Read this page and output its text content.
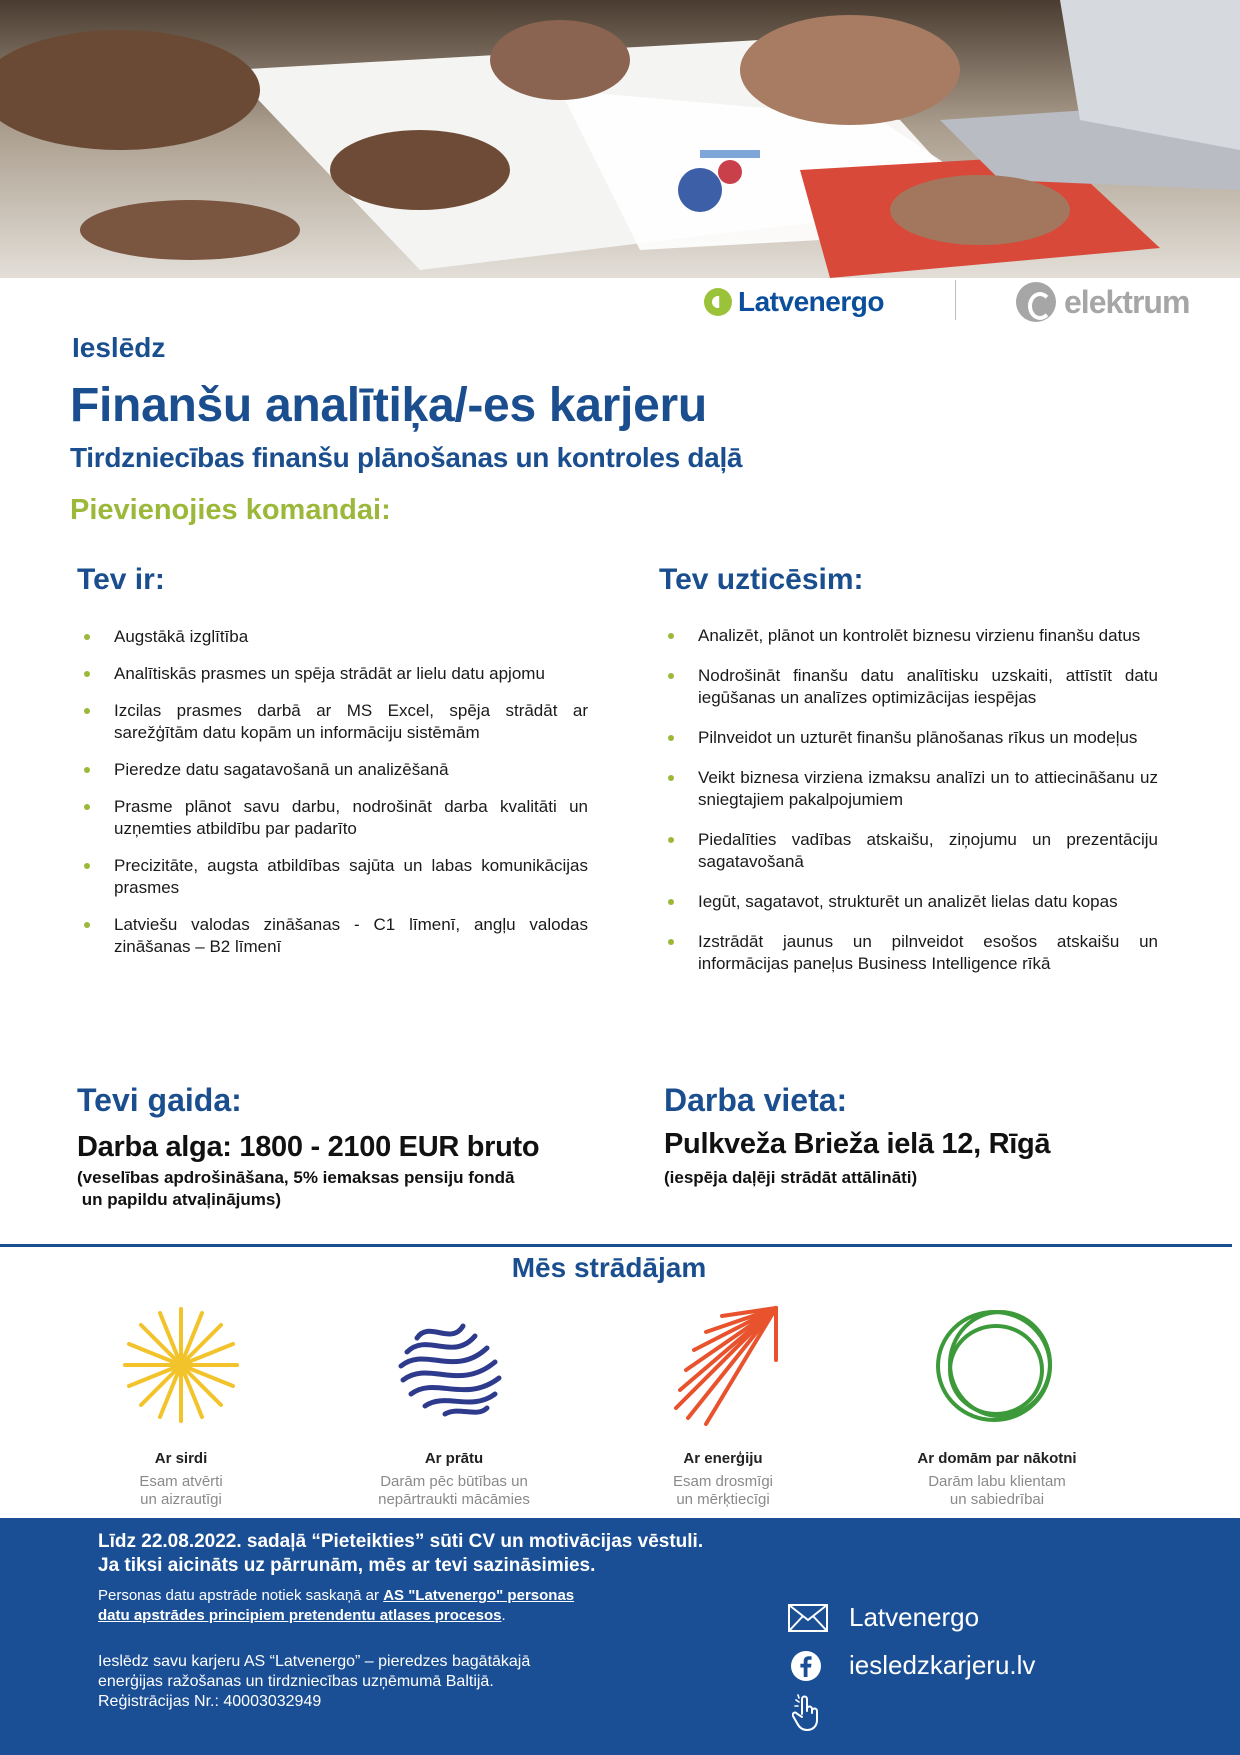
Latvenergo	elektrum
Ieslēdz
Finanšu analītiķa/-es karjeru
Tirdzniecības finanšu plānošanas un kontroles daļā
Pievienojies komandai:
Tev ir:
Augstākā izglītība
Analītiskās prasmes un spēja strādāt ar lielu datu apjomu
Izcilas prasmes darbā ar MS Excel, spēja strādāt ar sarežģītām datu kopām un informāciju sistēmām
Pieredze datu sagatavošanā un analizēšanā
Prasme plānot savu darbu, nodrošināt darba kvalitāti un uzņemties atbildību par padarīto
Precizitāte, augsta atbildības sajūta un labas komunikācijas prasmes
Latviešu valodas zināšanas - C1 līmenī, angļu valodas zināšanas – B2 līmenī
Tev uzticēsim:
Analizēt, plānot un kontrolēt biznesu virzienu finanšu datus
Nodrošināt finanšu datu analītisku uzskaiti, attīstīt datu iegūšanas un analīzes optimizācijas iespējas
Pilnveidot un uzturēt finanšu plānošanas rīkus un modeļus
Veikt biznesa virziena izmaksu analīzi un to attiecināšanu uz sniegtajiem pakalpojumiem
Piedalīties vadības atskaišu, ziņojumu un prezentāciju sagatavošanā
Iegūt, sagatavot, strukturēt un analizēt lielas datu kopas
Izstrādāt jaunus un pilnveidot esošos atskaišu un informācijas paneļus Business Intelligence rīkā
Tevi gaida:
Darba alga: 1800 - 2100 EUR bruto
(veselības apdrošināšana, 5% iemaksas pensiju fondā
un papildu atvaļinājums)
Darba vieta:
Pulkveža Brieža ielā 12, Rīgā
(iespēja daļēji strādāt attālināti)
Mēs strādājam
Ar sirdi
Esam atvērti
un aizrautīgi
Ar prātu
Darām pēc būtības un
nepārtraukti mācāmies
Ar enerģiju
Esam drosmīgi
un mērķtiecīgi
Ar domām par nākotni
Darām labu klientam
un sabiedrībai
Līdz 22.08.2022. sadaļā “Pieteikties” sūti CV un motivācijas vēstuli.
Ja tiksi aicināts uz pārrunām, mēs ar tevi sazināsimies.
Personas datu apstrāde notiek saskaņā ar AS "Latvenergo" personas
datu apstrādes principiem pretendentu atlases procesos.
Ieslēdz savu karjeru AS “Latvenergo” – pieredzes bagātākajā
enerģijas ražošanas un tirdzniecības uzņēmumā Baltijā.
Reģistrācijas Nr.: 40003032949
Latvenergo
iesledzkarjeru.lv
